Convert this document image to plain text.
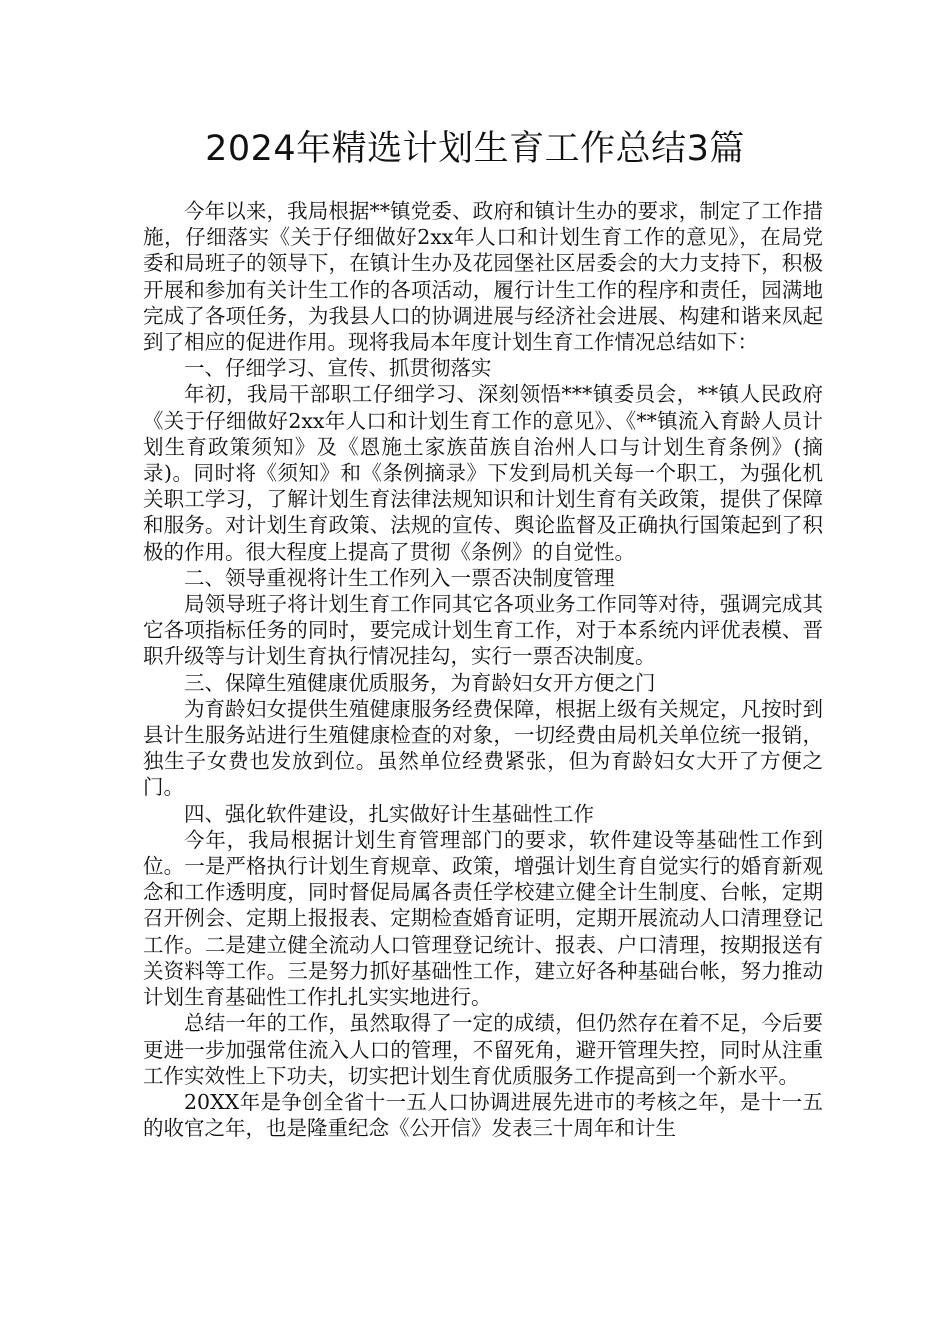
2024年精选计划生育工作总结3篇

今年以来，我局根据**镇党委、政府和镇计生办的要求，制定了工作措施，仔细落实《关于仔细做好2xx年人口和计划生育工作的意见》，在局党委和局班子的领导下，在镇计生办及花园堡社区居委会的大力支持下，积极开展和参加有关计生工作的各项活动，履行计生工作的程序和责任，园满地完成了各项任务，为我县人口的协调进展与经济社会进展、构建和谐来凤起到了相应的促进作用。现将我局本年度计划生育工作情况总结如下：

一、仔细学习、宣传、抓贯彻落实

年初，我局干部职工仔细学习、深刻领悟***镇委员会，**镇人民政府《关于仔细做好2xx年人口和计划生育工作的意见》、《**镇流入育龄人员计划生育政策须知》及《恩施土家族苗族自治州人口与计划生育条例》(摘录)。同时将《须知》和《条例摘录》下发到局机关每一个职工，为强化机关职工学习，了解计划生育法律法规知识和计划生育有关政策，提供了保障和服务。对计划生育政策、法规的宣传、舆论监督及正确执行国策起到了积极的作用。很大程度上提高了贯彻《条例》的自觉性。

二、领导重视将计生工作列入一票否决制度管理

局领导班子将计划生育工作同其它各项业务工作同等对待，强调完成其它各项指标任务的同时，要完成计划生育工作，对于本系统内评优表模、晋职升级等与计划生育执行情况挂勾，实行一票否决制度。

三、保障生殖健康优质服务，为育龄妇女开方便之门

为育龄妇女提供生殖健康服务经费保障，根据上级有关规定，凡按时到县计生服务站进行生殖健康检查的对象，一切经费由局机关单位统一报销，独生子女费也发放到位。虽然单位经费紧张，但为育龄妇女大开了方便之门。

四、强化软件建设，扎实做好计生基础性工作

今年，我局根据计划生育管理部门的要求，软件建设等基础性工作到位。一是严格执行计划生育规章、政策，增强计划生育自觉实行的婚育新观念和工作透明度，同时督促局属各责任学校建立健全计生制度、台帐，定期召开例会、定期上报报表、定期检查婚育证明，定期开展流动人口清理登记工作。二是建立健全流动人口管理登记统计、报表、户口清理，按期报送有关资料等工作。三是努力抓好基础性工作，建立好各种基础台帐，努力推动计划生育基础性工作扎扎实实地进行。

总结一年的工作，虽然取得了一定的成绩，但仍然存在着不足，今后要更进一步加强常住流入人口的管理，不留死角，避开管理失控，同时从注重工作实效性上下功夫，切实把计划生育优质服务工作提高到一个新水平。

20XX年是争创全省十一五人口协调进展先进市的考核之年，是十一五的收官之年，也是隆重纪念《公开信》发表三十周年和计生
